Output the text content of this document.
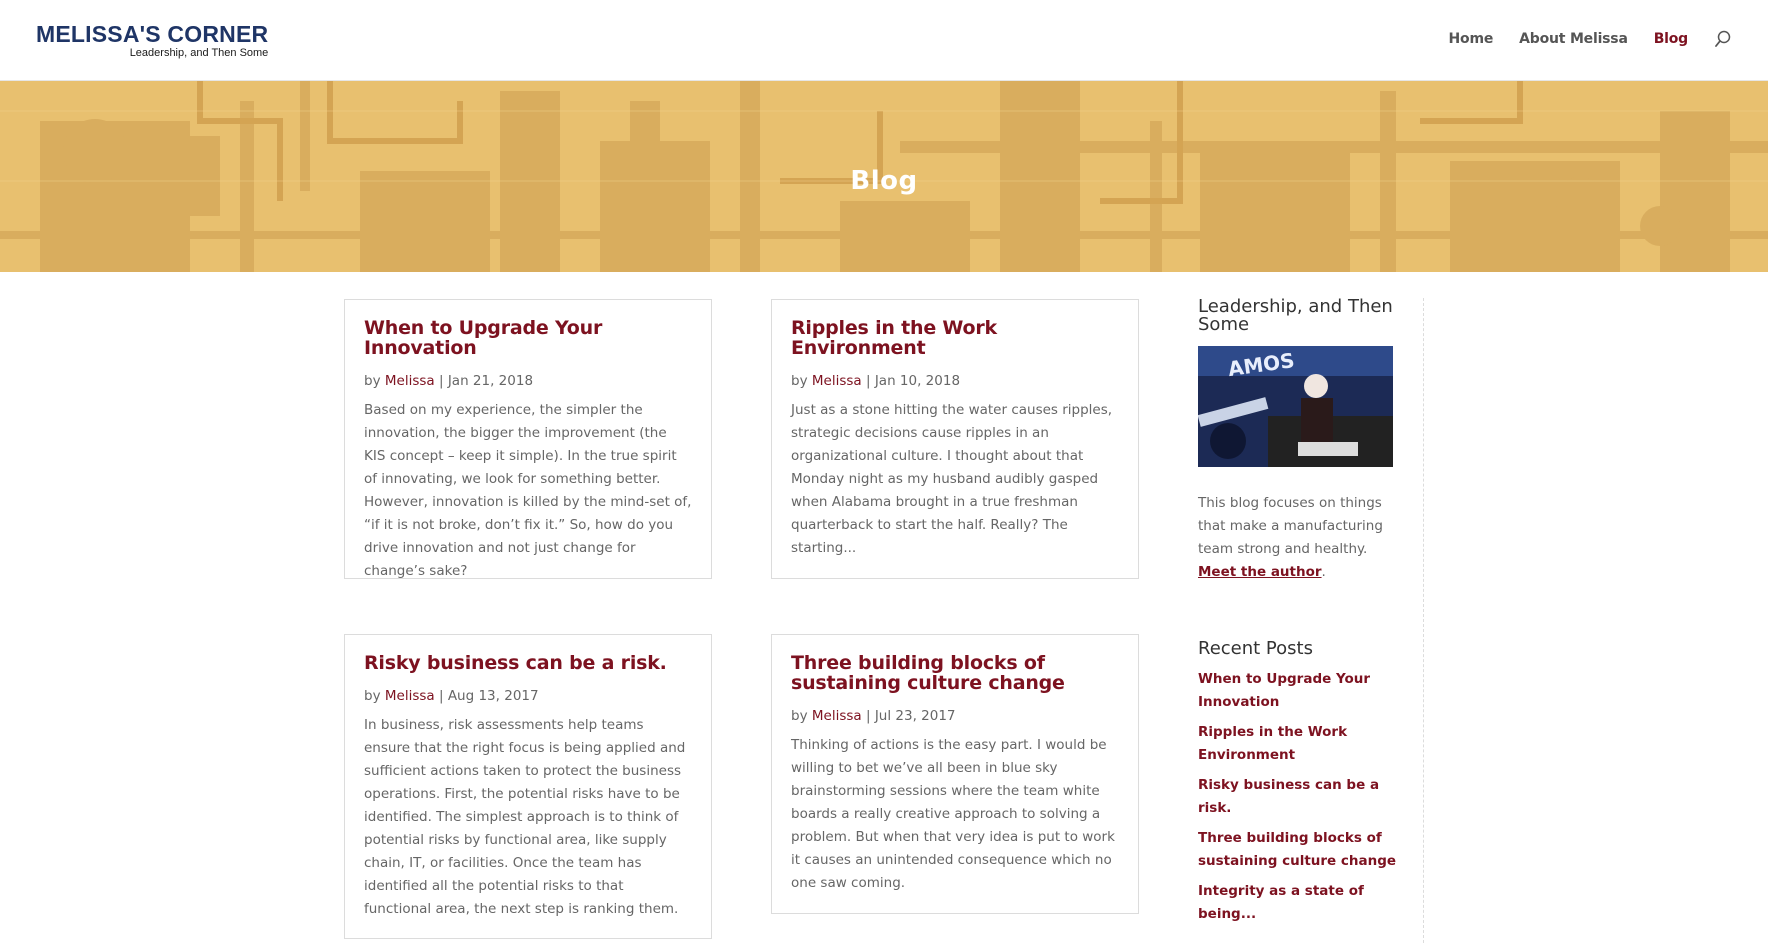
MELISSA'S CORNER
Leadership, and Then Some
Home About Melissa Blog
Blog
When to Upgrade Your Innovation
by Melissa | Jan 21, 2018

Based on my experience, the simpler the innovation, the bigger the improvement (the KIS concept – keep it simple). In the true spirit of innovating, we look for something better. However, innovation is killed by the mind-set of, “if it is not broke, don’t fix it.” So, how do you drive innovation and not just change for change’s sake?

Ripples in the Work Environment
by Melissa | Jan 10, 2018

Just as a stone hitting the water causes ripples, strategic decisions cause ripples in an organizational culture. I thought about that Monday night as my husband audibly gasped when Alabama brought in a true freshman quarterback to start the half. Really? The starting...

Risky business can be a risk.
by Melissa | Aug 13, 2017

In business, risk assessments help teams ensure that the right focus is being applied and sufficient actions taken to protect the business operations. First, the potential risks have to be identified. The simplest approach is to think of potential risks by functional area, like supply chain, IT, or facilities. Once the team has identified all the potential risks to that functional area, the next step is ranking them.

Three building blocks of sustaining culture change
by Melissa | Jul 23, 2017

Thinking of actions is the easy part. I would be willing to bet we’ve all been in blue sky brainstorming sessions where the team white boards a really creative approach to solving a problem. But when that very idea is put to work it causes an unintended consequence which no one saw coming.

Leadership, and Then Some
AMOS
This blog focuses on things that make a manufacturing team strong and healthy. Meet the author.
Recent Posts
When to Upgrade Your Innovation
Ripples in the Work Environment
Risky business can be a risk.
Three building blocks of sustaining culture change
Integrity as a state of being...
